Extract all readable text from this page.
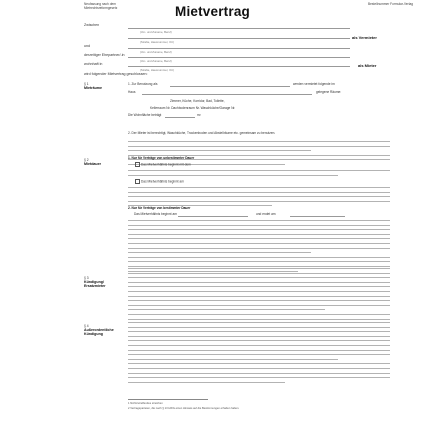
Neufassung nach dem Mietrechtsreformgesetz	Mietvertrag	Bestellnummer Formular-Verlag
Zwischen
(Vor- und Zuname, Beruf)
(Straße, Hausnummer, Ort)
als Vermieter
und
(Vor- und Zuname, Beruf)
derzeitiger Ehepartner/-in
(Vor- und Zuname, Beruf)
wohnhaft in
(Straße, Hausnummer, Ort)
als Mieter
wird folgender Mietvertrag geschlossen:
§ 1
Mieträume
1. Zur Benutzung als	werden vermietet folgende im
Haus	gelegene Räume:
Zimmer, Küche, Korridor, Bad, Toilette,
Kellerraum Nr. Dachbodenraum Nr. Waschküche/Garage Nr.
Die Wohnfläche beträgt	m²
2. Der Mieter ist berechtigt, Waschküche, Trockenboden und Abstellräume etc. gemeinsam zu benutzen.
§ 2
Mietdauer
1. Nur für Verträge von unbestimmter Dauer
Das Mietverhältnis beginnt mit dem
Das Mietverhältnis beginnt am
2. Nur für Verträge von bestimmter Dauer
Das Mietverhältnis beginnt am	und endet am
§ 3
Kündigung/ Ersatzmieter
§ 4
Außerordentliche Kündigung
1 Nichtzutreffendes streichen
2 Vertragsparteien, die nach § 13 HWG einen Hinweis auf die Bestimmungen erhalten haben.
